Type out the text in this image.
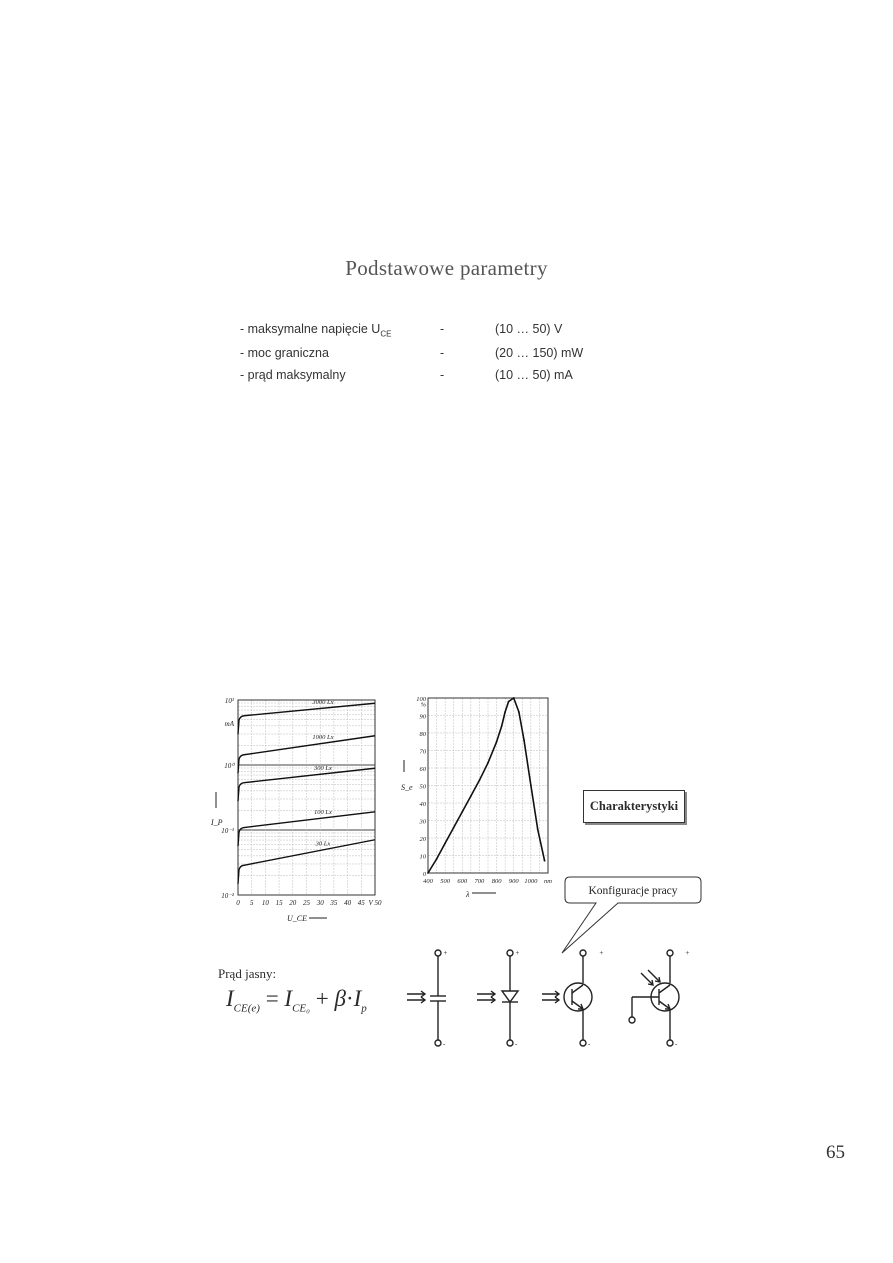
Podstawowe parametry
- maksymalne napięcie $U_{CE}$	-	(10 … 50) V
- moc graniczna	-	(20 … 150) mW
- prąd maksymalny	-	(10 … 50) mA
10¹
10⁰
10⁻¹
10⁻²
mA
0 5 10 15 20 25 30 35 40 45 V 50
U_CE
I_P
3000 Lx
1000 Lx
300 Lx
100 Lx
30 Lx
0
10
20
30
40
50
60
70
80
90
100
%
400 500 600 700 800 900 1000 nm
λ
S_e
Charakterystyki
Konfiguracje pracy
Prąd jasny:
$I_{CE(e)} = I_{CE_0} + \beta\cdot I_p$
+
-
+
-
+
-
+
-
65
